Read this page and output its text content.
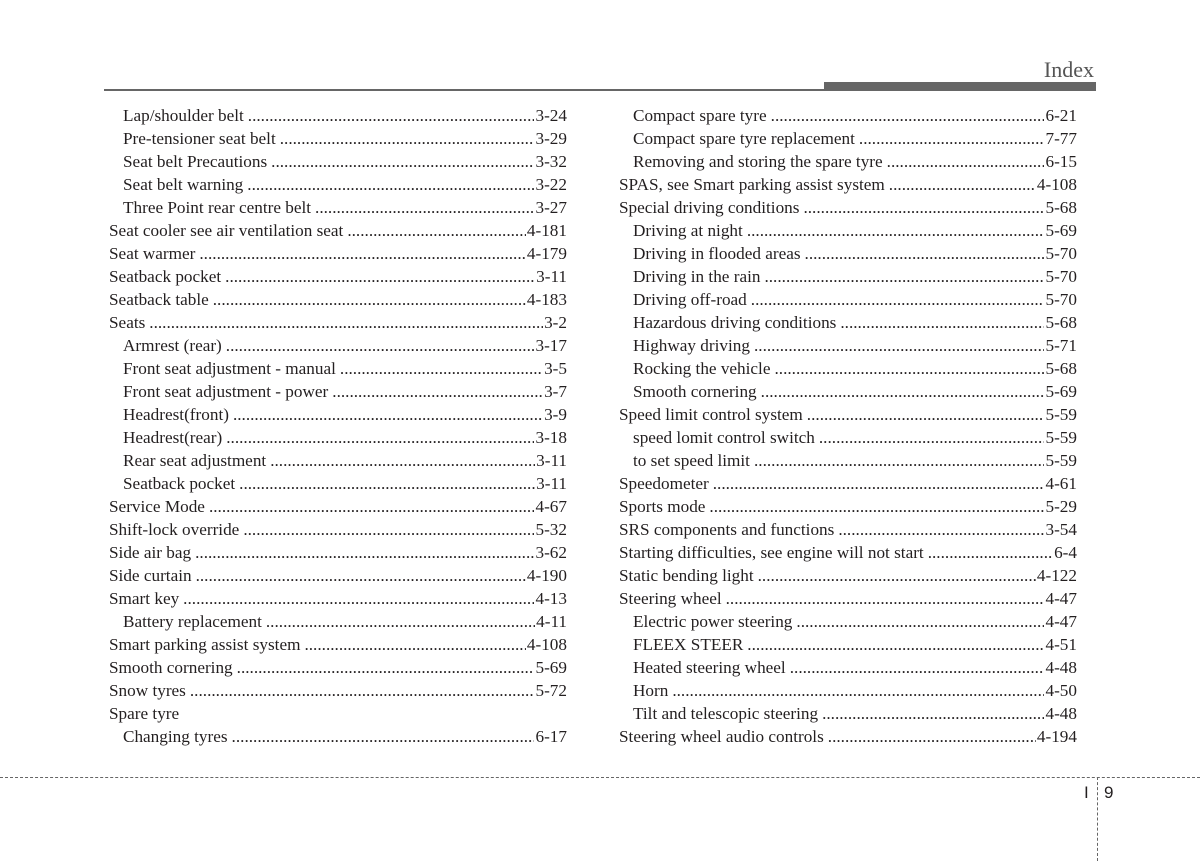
Index
Lap/shoulder belt .....	3-24
Pre-tensioner seat belt .....	3-29
Seat belt Precautions .....	3-32
Seat belt warning .....	3-22
Three Point rear centre belt .....	3-27
Seat cooler see air ventilation seat .....	4-181
Seat warmer .....	4-179
Seatback pocket .....	3-11
Seatback table .....	4-183
Seats .....	3-2
Armrest (rear) .....	3-17
Front seat adjustment - manual .....	3-5
Front seat adjustment - power .....	3-7
Headrest(front) .....	3-9
Headrest(rear) .....	3-18
Rear seat adjustment .....	3-11
Seatback pocket .....	3-11
Service Mode .....	4-67
Shift-lock override .....	5-32
Side air bag .....	3-62
Side curtain .....	4-190
Smart key .....	4-13
Battery replacement .....	4-11
Smart parking assist system .....	4-108
Smooth cornering .....	5-69
Snow tyres .....	5-72
Spare tyre
Changing tyres .....	6-17
Compact spare tyre .....	6-21
Compact spare tyre replacement .....	7-77
Removing and storing the spare tyre .....	6-15
SPAS, see Smart parking assist system .....	4-108
Special driving conditions .....	5-68
Driving at night .....	5-69
Driving in flooded areas .....	5-70
Driving in the rain .....	5-70
Driving off-road .....	5-70
Hazardous driving conditions .....	5-68
Highway driving .....	5-71
Rocking the vehicle .....	5-68
Smooth cornering .....	5-69
Speed limit control system .....	5-59
speed lomit control switch .....	5-59
to set speed limit .....	5-59
Speedometer .....	4-61
Sports mode .....	5-29
SRS components and functions .....	3-54
Starting difficulties, see engine will not start .....	6-4
Static bending light .....	4-122
Steering wheel .....	4-47
Electric power steering .....	4-47
FLEEX STEER .....	4-51
Heated steering wheel .....	4-48
Horn .....	4-50
Tilt and telescopic steering .....	4-48
Steering wheel audio controls .....	4-194
I 9
